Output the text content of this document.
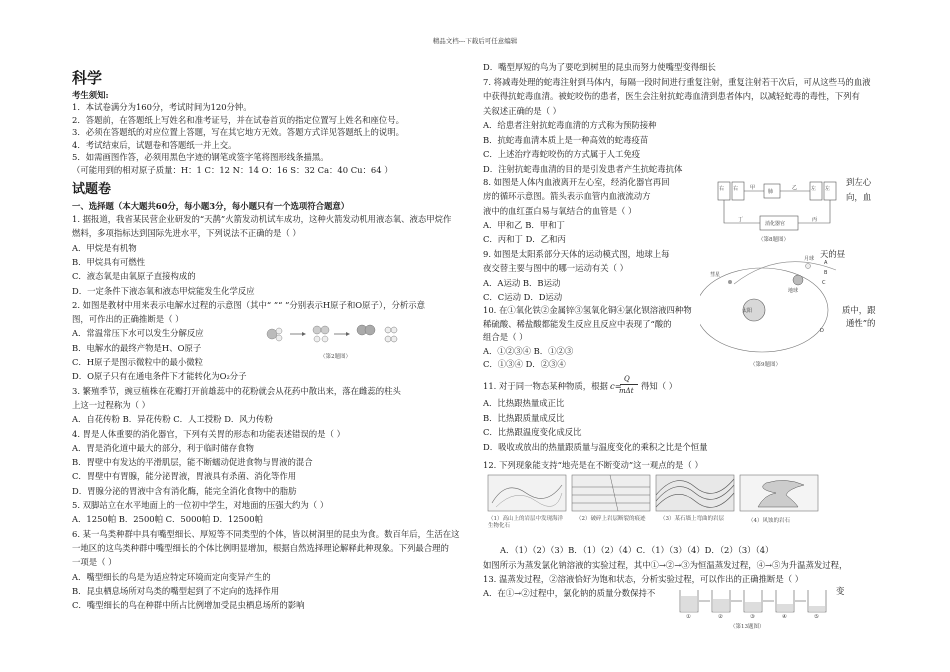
精品文档---下载后可任意编辑
科学
考生须知:
1．本试卷满分为160分，考试时间为120分钟。
2．答题前，在答题纸上写姓名和准考证号，并在试卷首页的指定位置写上姓名和座位号。
3．必须在答题纸的对应位置上答题，写在其它地方无效。答题方式详见答题纸上的说明。
4．考试结束后，试题卷和答题纸一并上交。
5．如需画图作答，必须用黑色字迹的钢笔或签字笔将图形线条描黑。
（可能用到的相对原子质量：H：1 C：12 N：14 O：16 S：32 Ca：40 Cu：64 ）
试题卷
一、选择题（本大题共60分，每小题3分，每小题只有一个选项符合题意）
1. 据报道，我省某民营企业研发的“天鹊”火箭发动机试车成功，这种火箭发动机用液态氧、液态甲烷作
燃料，多项指标达到国际先进水平，下列说法不正确的是（ ）
A．甲烷是有机物
B．甲烷具有可燃性
C．液态氧是由氧原子直接构成的
D．一定条件下液态氧和液态甲烷能发生化学反应
2. 如图是教材中用来表示电解水过程的示意图（其中“ ”“ ”分别表示H原子和O原子），分析示意
图，可作出的正确推断是（ ）
A．常温常压下水可以发生分解反应
B．电解水的最终产物是H、O原子
C．H原子是图示微粒中的最小微粒
D．O原子只有在通电条件下才能转化为O₂分子
3. 繁殖季节，豌豆植株在花瓣打开前雄蕊中的花粉就会从花药中散出来，落在雌蕊的柱头
上这一过程称为（ ）
A．自花传粉 B．异花传粉 C．人工授粉 D．风力传粉
4. 胃是人体重要的消化器官，下列有关胃的形态和功能表述错误的是（ ）
A．胃是消化道中最大的部分，利于临时储存食物
B．胃壁中有发达的平滑肌层，能不断蠕动促进食物与胃液的混合
C．胃壁中有胃腺，能分泌胃液，胃液具有杀菌、消化等作用
D．胃腺分泌的胃液中含有消化酶，能完全消化食物中的脂肪
5. 双脚站立在水平地面上的一位初中学生，对地面的压强大约为（ ）
A．1250帕 B．2500帕 C．5000帕 D．12500帕
6. 某一鸟类种群中具有嘴型细长、厚短等不同类型的个体，皆以树洞里的昆虫为食。数百年后，生活在这
一地区的这鸟类种群中嘴型细长的个体比例明显增加，根据自然选择理论解释此种现象。下列最合理的
一项是（ ）
A．嘴型细长的鸟是为适应特定环境而定向变异产生的
B．昆虫栖息场所对鸟类的嘴型起到了不定向的选择作用
C．嘴型细长的鸟在种群中所占比例增加受昆虫栖息场所的影响
（第2题图）
D．嘴型厚短的鸟为了要吃到树里的昆虫而努力使嘴型变得细长
7. 将减毒处理的蛇毒注射到马体内，每隔一段时间进行重复注射，重复注射若干次后，可从这些马的血液
中获得抗蛇毒血清。被蛇咬伤的患者，医生会注射抗蛇毒血清到患者体内，以减轻蛇毒的毒性，下列有
关叙述正确的是（ ）
A．给患者注射抗蛇毒血清的方式称为预防接种
B．抗蛇毒血清本质上是一种高效的蛇毒疫苗
C．上述治疗毒蛇咬伤的方式属于人工免疫
D．注射抗蛇毒血清的目的是引发患者产生抗蛇毒抗体
8. 如图是人体内血液离开左心室，经消化器官再回
房的循环示意图。箭头表示血管内血液流动方
液中的血红蛋白易与氧结合的血管是（ ）
A．甲和乙 B．甲和丁
C．丙和丁 D．乙和丙
到左心
向，血
右 右	肺	左 左
消化器官
甲	乙
丙
丁
（第8题图）
9. 如图是太阳系部分天体的运动模式图，地球上每
夜交替主要与图中的哪一运动有关（ ）
A．A运动 B．B运动
C．C运动 D．D运动
天的昼
彗星
太阳
月球
地球
A
B
C
D
（第9题图）
10. 在①氧化铁②金属锌③氢氧化铜④氯化钡溶液四种物
稀硫酸、稀盐酸都能发生反应且反应中表现了“酸的
组合是（ ）
A．①②③④ B．①②③
C．①③④ D．②③④
质中，跟
通性”的
11. 对于同一物态某种物质，根据 c=
Q
mΔt 得知（ ）
A．比热跟热量成正比
B．比热跟质量成反比
C．比热跟温度变化成反比
D．吸收或放出的热量跟质量与温度变化的乘积之比是个恒量
12. 下列现象能支持“地壳是在不断变动”这一观点的是（ ）
（1）高山上的岩层中发现海洋生物化石
（2）破碎上岩层断裂的痕迹	（3）某石墙上弯曲的岩层	（4）风蚀的岩石
A．（1）（2）（3）B．（1）（2）（4）C．（1）（3）（4）D．（2）（3）（4）
如图所示为蒸发氯化钠溶液的实验过程，其中①→②→③为恒温蒸发过程，④→⑤为升温蒸发过程，
13. 温蒸发过程，②溶液恰好为饱和状态，分析实验过程，可以作出的正确推断是（ ）
A．在①→②过程中，氯化钠的质量分数保持不	变
①	②	③	④	⑤
（第13题图）
